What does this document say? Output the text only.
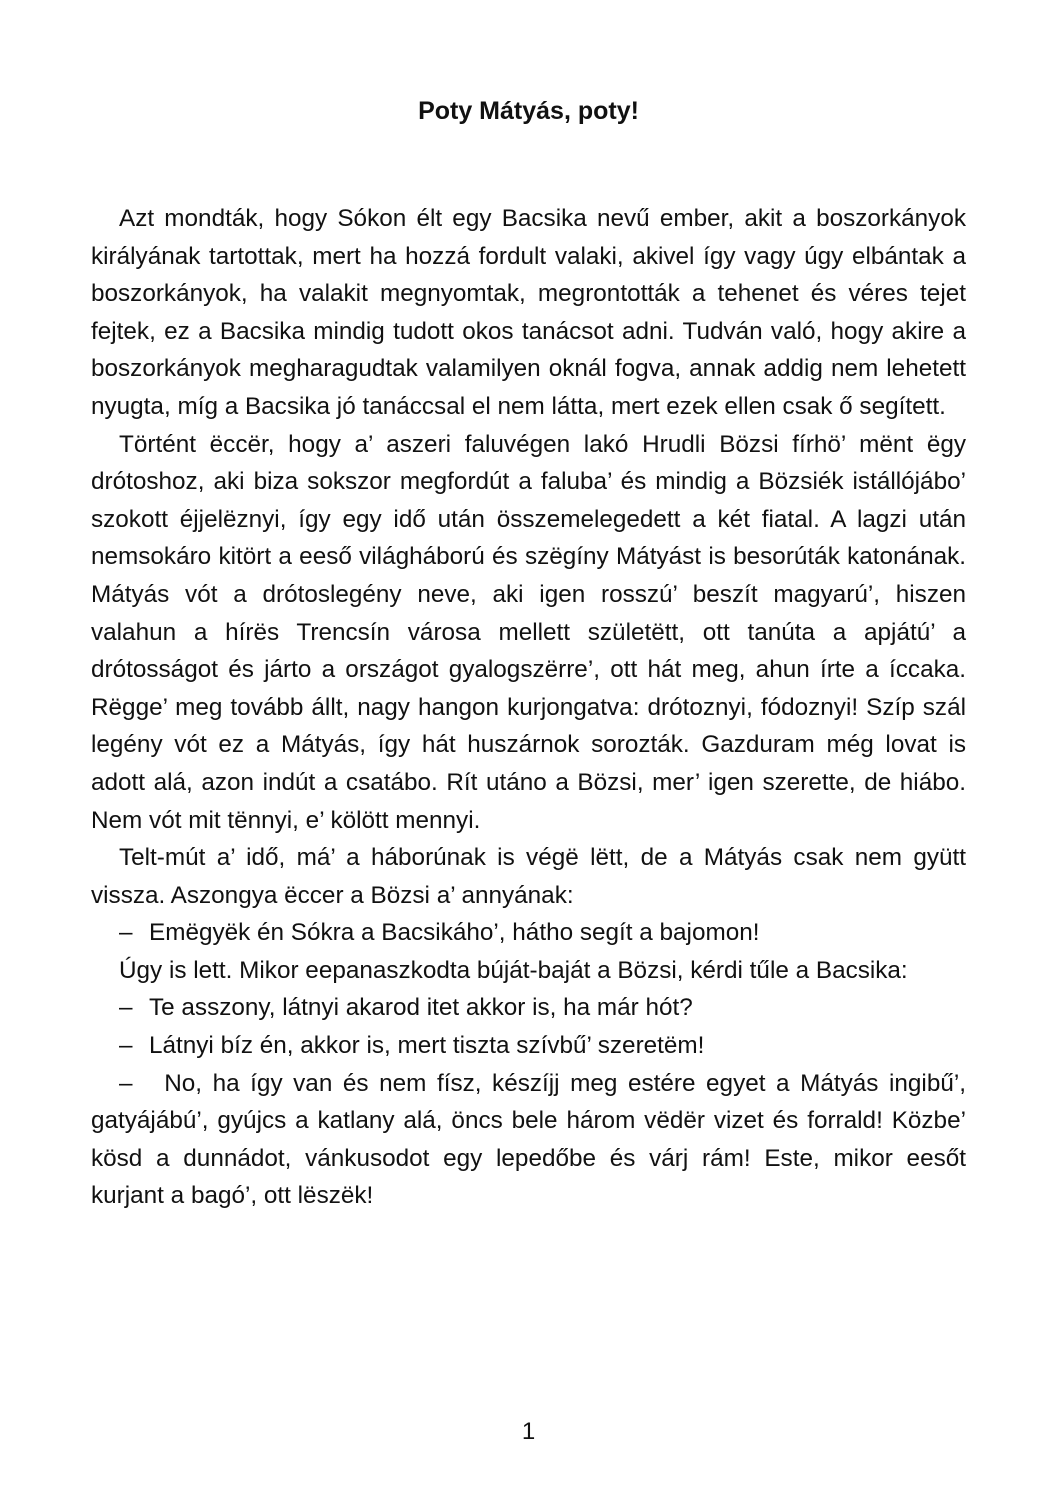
Poty Mátyás, poty!

Azt mondták, hogy Sókon élt egy Bacsika nevű ember, akit a boszorkányok királyának tartottak, mert ha hozzá fordult valaki, akivel így vagy úgy elbántak a boszorkányok, ha valakit megnyomtak, megrontották a tehenet és véres tejet fejtek, ez a Bacsika mindig tudott okos tanácsot adni. Tudván való, hogy akire a boszorkányok megharagudtak valamilyen oknál fogva, annak addig nem lehetett nyugta, míg a Bacsika jó tanáccsal el nem látta, mert ezek ellen csak ő segített.

Történt ëccër, hogy a’ aszeri faluvégen lakó Hrudli Bözsi fírhö’ mënt ëgy drótoshoz, aki biza sokszor megfordút a faluba’ és mindig a Bözsiék istállójábo’ szokott éjjelëznyi, így egy idő után összemelegedett a két fiatal. A lagzi után nemsokáro kitört a eeső világháború és szëgíny Mátyást is besorúták katonának. Mátyás vót a drótoslegény neve, aki igen rosszú’ beszít magyarú’, hiszen valahun a hírës Trencsín városa mellett születëtt, ott tanúta a apjátú’ a drótosságot és járto a országot gyalogszërre’, ott hát meg, ahun írte a íccaka. Rëgge’ meg tovább állt, nagy hangon kurjongatva: drótoznyi, fódoznyi! Szíp szál legény vót ez a Mátyás, így hát huszárnok sorozták. Gazduram még lovat is adott alá, azon indút a csatábo. Rít utáno a Bözsi, mer’ igen szerette, de hiábo. Nem vót mit tënnyi, e’ kölött mennyi.

Telt-mút a’ idő, má’ a háborúnak is végë lëtt, de a Mátyás csak nem gyütt vissza. Aszongya ëccer a Bözsi a’ annyának:

– Emëgyëk én Sókra a Bacsikáho’, hátho segít a bajomon!

Úgy is lett. Mikor eepanaszkodta búját-baját a Bözsi, kérdi tűle a Bacsika:

– Te asszony, látnyi akarod itet akkor is, ha már hót?

– Látnyi bíz én, akkor is, mert tiszta szívbű’ szeretëm!

– No, ha így van és nem físz, készíjj meg estére egyet a Mátyás ingibű’, gatyájábú’, gyújcs a katlany alá, öncs bele három vëdër vizet és forrald! Közbe’ kösd a dunnádot, vánkusodot egy lepedőbe és várj rám! Este, mikor eesőt kurjant a bagó’, ott lëszëk!

1
